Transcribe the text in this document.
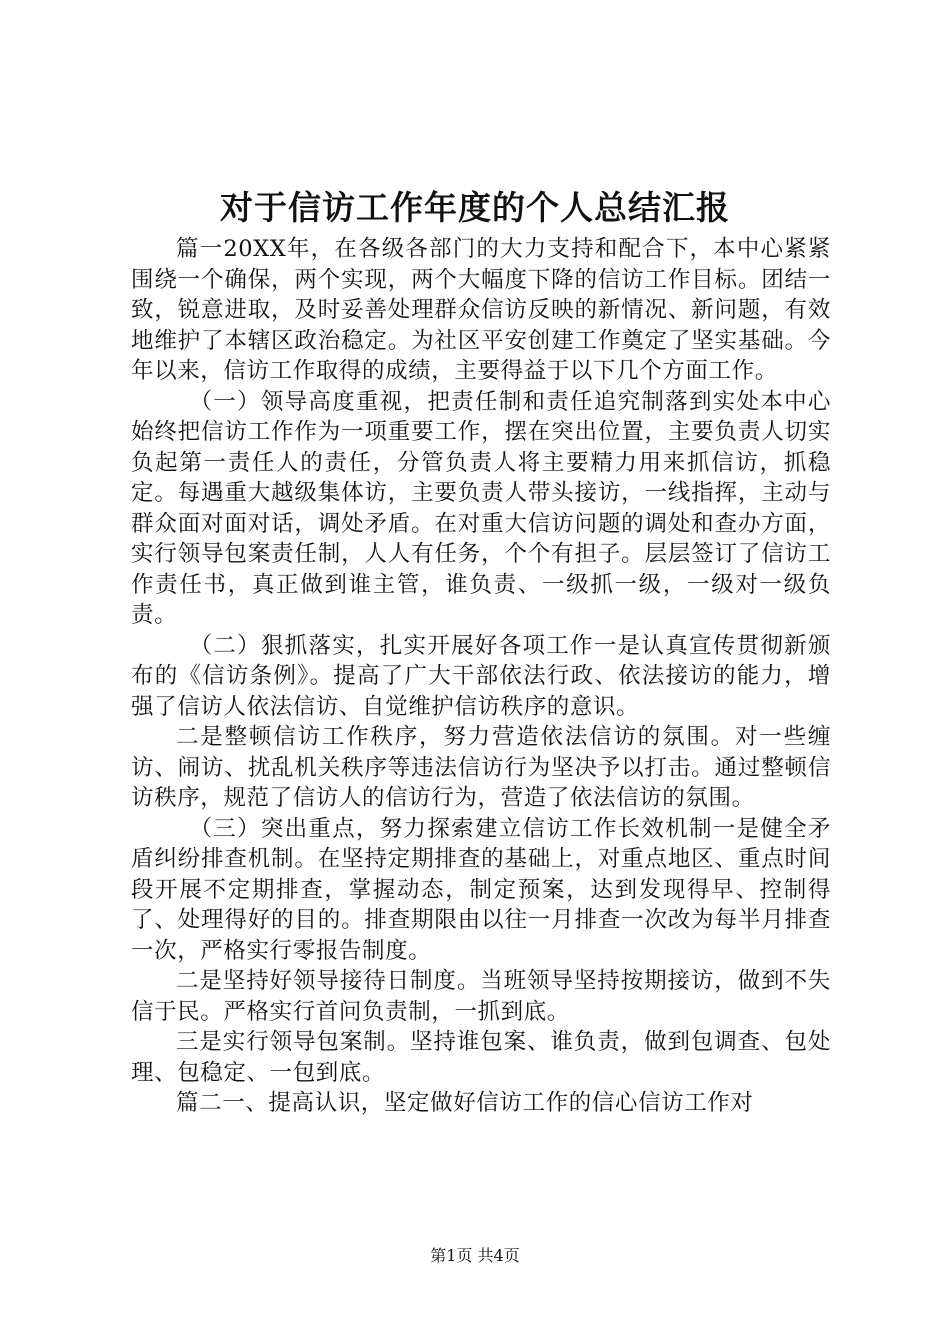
对于信访工作年度的个人总结汇报

篇一20XX年，在各级各部门的大力支持和配合下，本中心紧紧围绕一个确保，两个实现，两个大幅度下降的信访工作目标。团结一致，锐意进取，及时妥善处理群众信访反映的新情况、新问题，有效地维护了本辖区政治稳定。为社区平安创建工作奠定了坚实基础。今年以来，信访工作取得的成绩，主要得益于以下几个方面工作。

（一）领导高度重视，把责任制和责任追究制落到实处本中心始终把信访工作作为一项重要工作，摆在突出位置，主要负责人切实负起第一责任人的责任，分管负责人将主要精力用来抓信访，抓稳定。每遇重大越级集体访，主要负责人带头接访，一线指挥，主动与群众面对面对话，调处矛盾。在对重大信访问题的调处和查办方面，实行领导包案责任制，人人有任务，个个有担子。层层签订了信访工作责任书，真正做到谁主管，谁负责、一级抓一级，一级对一级负责。

（二）狠抓落实，扎实开展好各项工作一是认真宣传贯彻新颁布的《信访条例》。提高了广大干部依法行政、依法接访的能力，增强了信访人依法信访、自觉维护信访秩序的意识。

二是整顿信访工作秩序，努力营造依法信访的氛围。对一些缠访、闹访、扰乱机关秩序等违法信访行为坚决予以打击。通过整顿信访秩序，规范了信访人的信访行为，营造了依法信访的氛围。

（三）突出重点，努力探索建立信访工作长效机制一是健全矛盾纠纷排查机制。在坚持定期排查的基础上，对重点地区、重点时间段开展不定期排查，掌握动态，制定预案，达到发现得早、控制得了、处理得好的目的。排查期限由以往一月排查一次改为每半月排查一次，严格实行零报告制度。

二是坚持好领导接待日制度。当班领导坚持按期接访，做到不失信于民。严格实行首问负责制，一抓到底。

三是实行领导包案制。坚持谁包案、谁负责，做到包调查、包处理、包稳定、一包到底。

篇二一、提高认识，坚定做好信访工作的信心信访工作对

第1页 共4页
